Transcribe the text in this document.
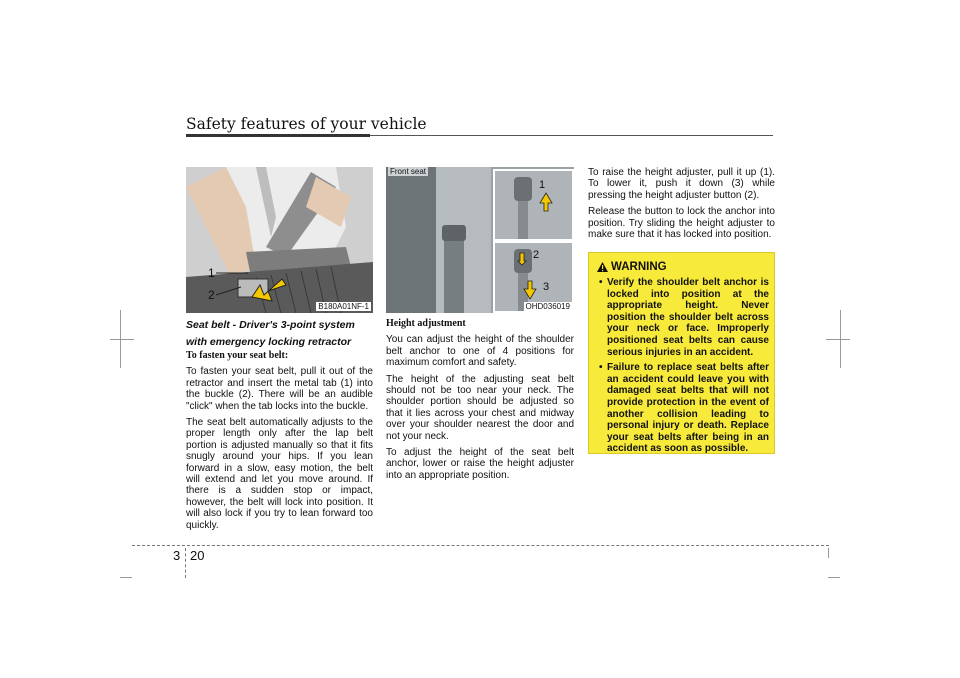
Safety features of your vehicle
1
2
B180A01NF-1
Front seat
1
2
3
OHD036019

Seat belt - Driver's 3-point system

with emergency locking retractor

To fasten your seat belt:

To fasten your seat belt, pull it out of the retractor and insert the metal tab (1) into the buckle (2). There will be an audible "click" when the tab locks into the buckle.

The seat belt automatically adjusts to the proper length only after the lap belt portion is adjusted manually so that it fits snugly around your hips. If you lean forward in a slow, easy motion, the belt will extend and let you move around. If there is a sudden stop or impact, however, the belt will lock into position. It will also lock if you try to lean forward too quickly.

Height adjustment

You can adjust the height of the shoulder belt anchor to one of 4 positions for maximum comfort and safety.

The height of the adjusting seat belt should not be too near your neck. The shoulder portion should be adjusted so that it lies across your chest and midway over your shoulder nearest the door and not your neck.

To adjust the height of the seat belt anchor, lower or raise the height adjuster into an appropriate position.

To raise the height adjuster, pull it up (1). To lower it, push it down (3) while pressing the height adjuster button (2).

Release the button to lock the anchor into position. Try sliding the height adjuster to make sure that it has locked into position.

WARNING
• Verify the shoulder belt anchor is locked into position at the appropriate height. Never position the shoulder belt across your neck or face. Improperly positioned seat belts can cause serious injuries in an accident.
• Failure to replace seat belts after an accident could leave you with damaged seat belts that will not provide protection in the event of another collision leading to personal injury or death. Replace your seat belts after being in an accident as soon as possible.
3 20
